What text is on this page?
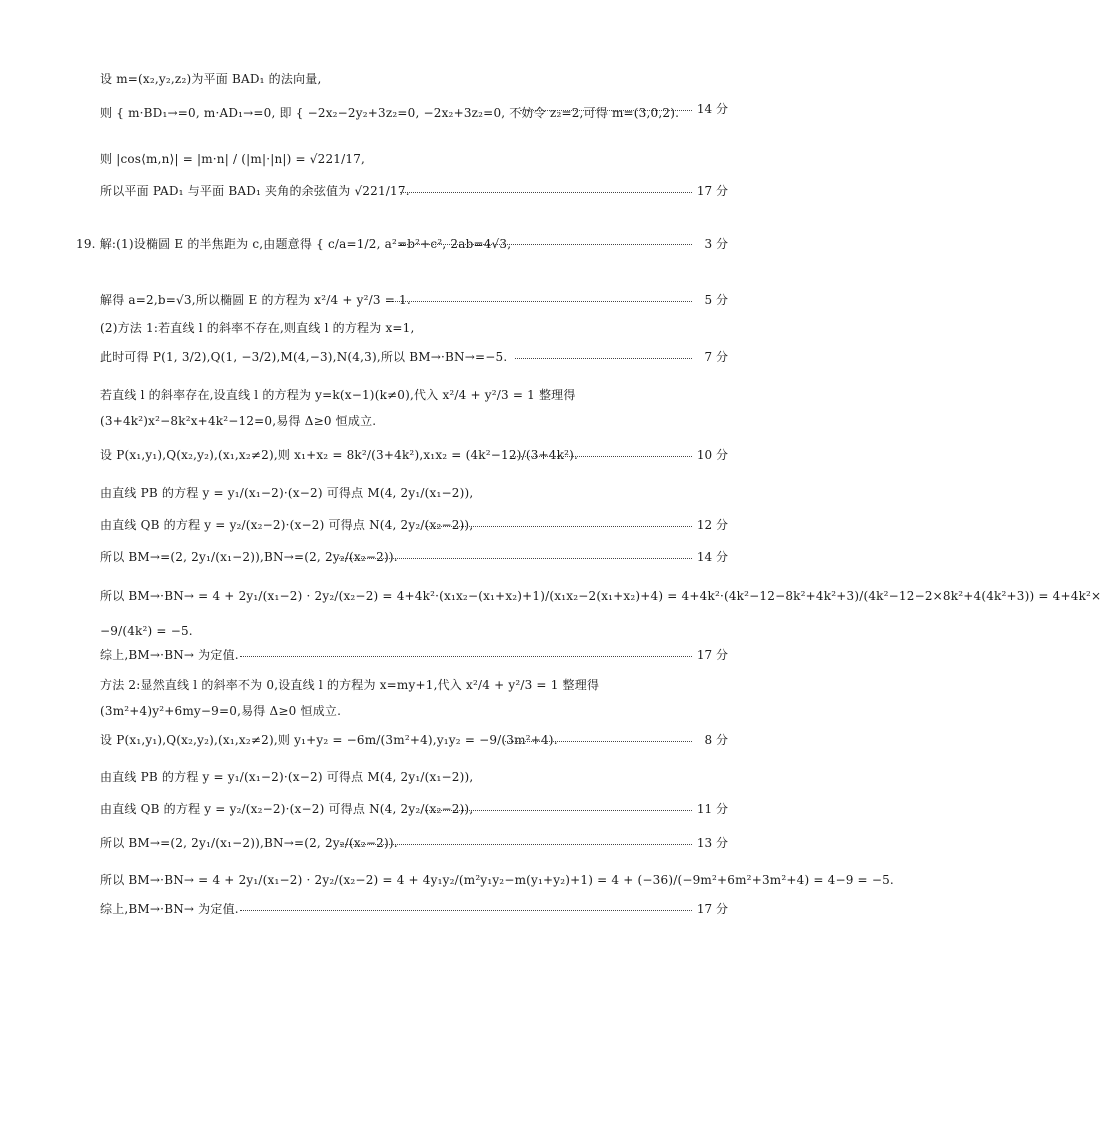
设 m=(x₂,y₂,z₂)为平面 BAD₁ 的法向量,
则 { m·BD₁→=0, m·AD₁→=0, 即 { −2x₂−2y₂+3z₂=0, −2x₂+3z₂=0, 不妨令 z₂=2,可得 m=(3,0,2). 14 分
则 |cos⟨m,n⟩| = |m·n| / (|m|·|n|) = √221/17,
所以平面 PAD₁ 与平面 BAD₁ 夹角的余弦值为 √221/17.	17 分
19. 解:(1)设椭圆 E 的半焦距为 c,由题意得 { c/a=1/2, a²=b²+c², 2ab=4√3,	3 分
解得 a=2,b=√3,所以椭圆 E 的方程为 x²/4 + y²/3 = 1.	5 分
(2)方法 1:若直线 l 的斜率不存在,则直线 l 的方程为 x=1,
此时可得 P(1, 3/2),Q(1, −3/2),M(4,−3),N(4,3),所以 BM→·BN→=−5.	7 分
若直线 l 的斜率存在,设直线 l 的方程为 y=k(x−1)(k≠0),代入 x²/4 + y²/3 = 1 整理得
(3+4k²)x²−8k²x+4k²−12=0,易得 Δ≥0 恒成立.
设 P(x₁,y₁),Q(x₂,y₂),(x₁,x₂≠2),则 x₁+x₂ = 8k²/(3+4k²),x₁x₂ = (4k²−12)/(3+4k²).	10 分
由直线 PB 的方程 y = y₁/(x₁−2)·(x−2) 可得点 M(4, 2y₁/(x₁−2)),
由直线 QB 的方程 y = y₂/(x₂−2)·(x−2) 可得点 N(4, 2y₂/(x₂−2)),	12 分
所以 BM→=(2, 2y₁/(x₁−2)),BN→=(2, 2y₂/(x₂−2)).	14 分
所以 BM→·BN→ = 4 + 2y₁/(x₁−2) · 2y₂/(x₂−2) = 4+4k²·(x₁x₂−(x₁+x₂)+1)/(x₁x₂−2(x₁+x₂)+4) = 4+4k²·(4k²−12−8k²+4k²+3)/(4k²−12−2×8k²+4(4k²+3)) = 4+4k²×
−9/(4k²) = −5.
综上,BM→·BN→ 为定值.	17 分
方法 2:显然直线 l 的斜率不为 0,设直线 l 的方程为 x=my+1,代入 x²/4 + y²/3 = 1 整理得
(3m²+4)y²+6my−9=0,易得 Δ≥0 恒成立.
设 P(x₁,y₁),Q(x₂,y₂),(x₁,x₂≠2),则 y₁+y₂ = −6m/(3m²+4),y₁y₂ = −9/(3m²+4).	8 分
由直线 PB 的方程 y = y₁/(x₁−2)·(x−2) 可得点 M(4, 2y₁/(x₁−2)),
由直线 QB 的方程 y = y₂/(x₂−2)·(x−2) 可得点 N(4, 2y₂/(x₂−2)),	11 分
所以 BM→=(2, 2y₁/(x₁−2)),BN→=(2, 2y₂/(x₂−2)).	13 分
所以 BM→·BN→ = 4 + 2y₁/(x₁−2) · 2y₂/(x₂−2) = 4 + 4y₁y₂/(m²y₁y₂−m(y₁+y₂)+1) = 4 + (−36)/(−9m²+6m²+3m²+4) = 4−9 = −5.
综上,BM→·BN→ 为定值.	17 分
